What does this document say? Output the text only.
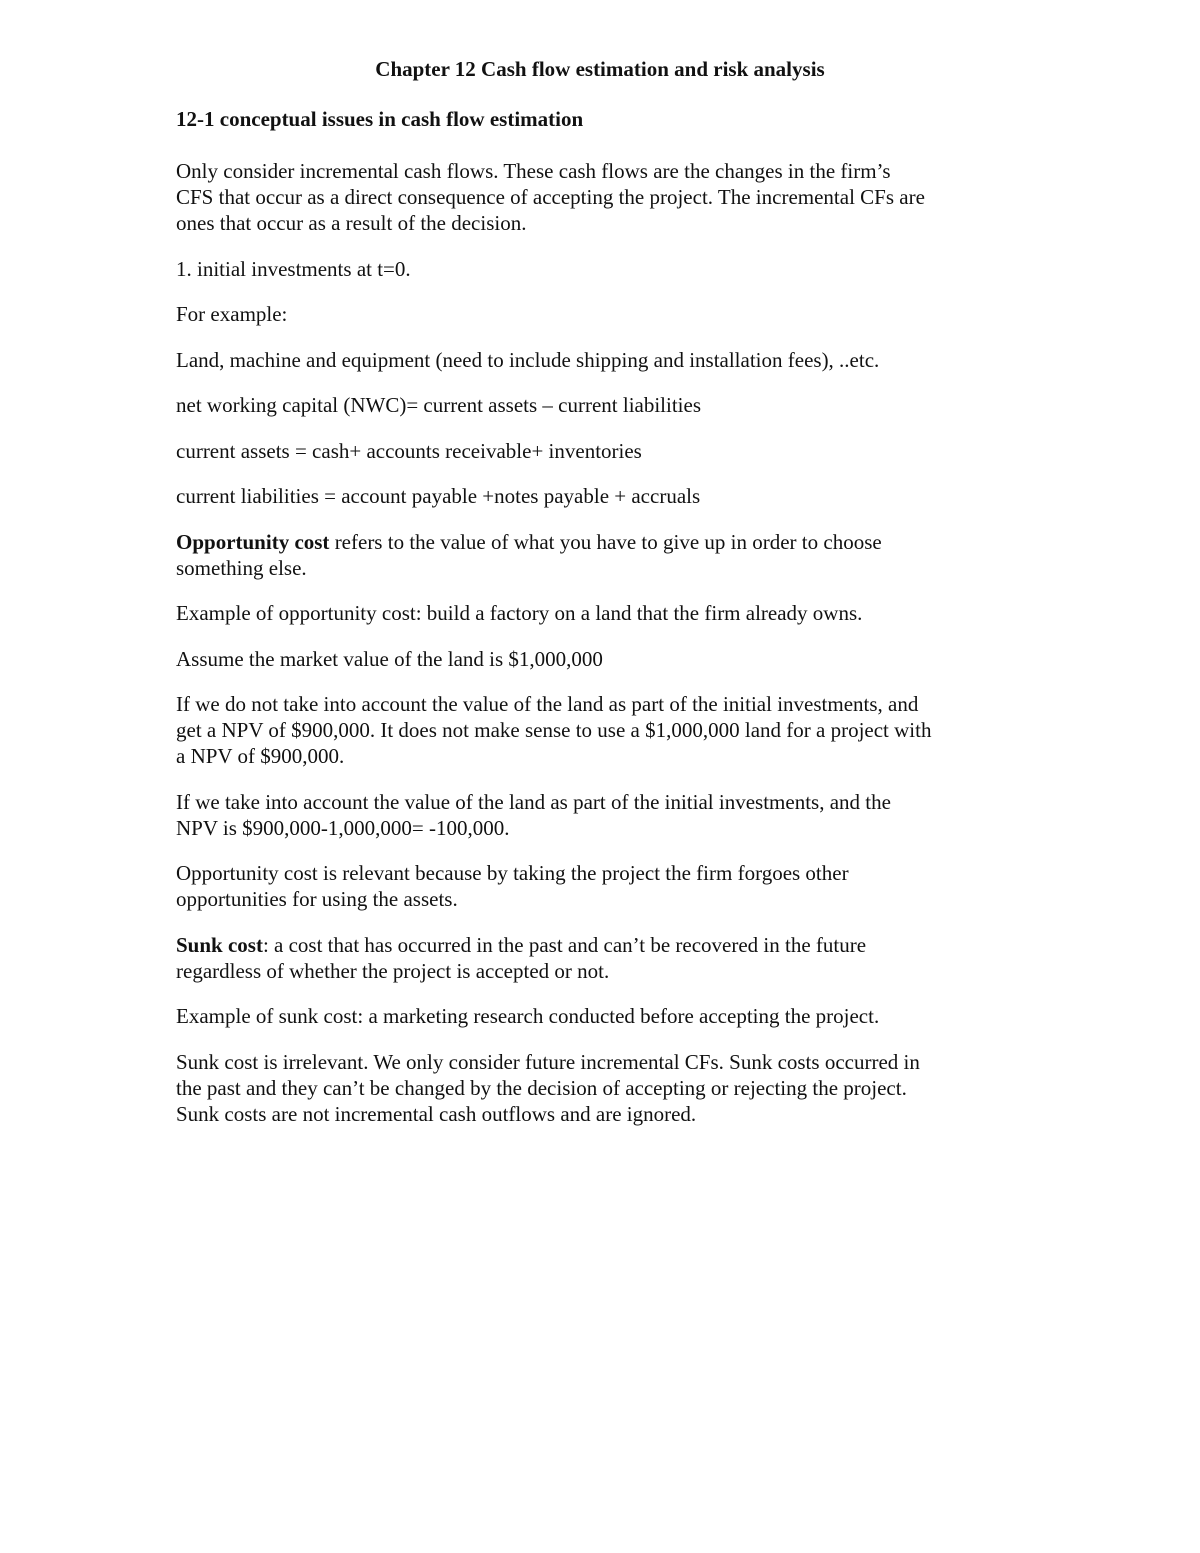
Chapter 12 Cash flow estimation and risk analysis
12-1 conceptual issues in cash flow estimation
Only consider incremental cash flows. These cash flows are the changes in the firm’s
CFS that occur as a direct consequence of accepting the project. The incremental CFs are
ones that occur as a result of the decision.
1. initial investments at t=0.
For example:
Land, machine and equipment (need to include shipping and installation fees), ..etc.
net working capital (NWC)= current assets – current liabilities
current assets = cash+ accounts receivable+ inventories
current liabilities = account payable +notes payable + accruals
Opportunity cost refers to the value of what you have to give up in order to choose
something else.
Example of opportunity cost: build a factory on a land that the firm already owns.
Assume the market value of the land is $1,000,000
If we do not take into account the value of the land as part of the initial investments, and
get a NPV of $900,000. It does not make sense to use a $1,000,000 land for a project with
a NPV of $900,000.
If we take into account the value of the land as part of the initial investments, and the
NPV is $900,000-1,000,000= -100,000.
Opportunity cost is relevant because by taking the project the firm forgoes other
opportunities for using the assets.
Sunk cost: a cost that has occurred in the past and can’t be recovered in the future
regardless of whether the project is accepted or not.
Example of sunk cost: a marketing research conducted before accepting the project.
Sunk cost is irrelevant. We only consider future incremental CFs. Sunk costs occurred in
the past and they can’t be changed by the decision of accepting or rejecting the project.
Sunk costs are not incremental cash outflows and are ignored.
